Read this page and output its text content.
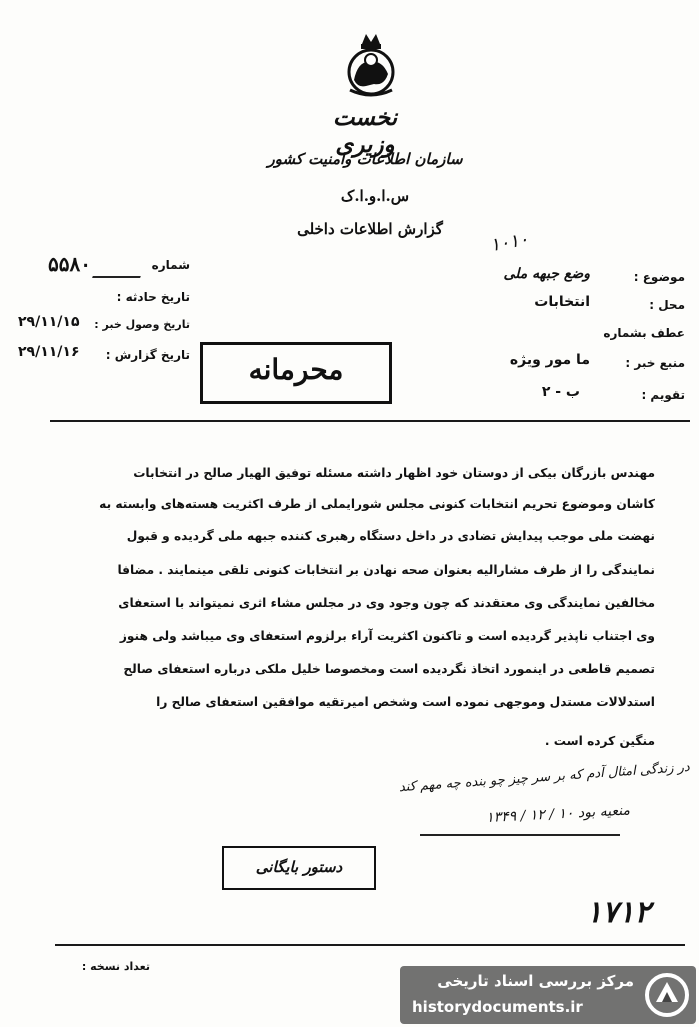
نخست وزیری
سازمان اطلاعات وامنیت کشور
س.ا.و.ا.ک
گزارش اطلاعات داخلی	۱۰۱۰
شماره
۵۵۸۰
تاریخ حادثه :
تاریخ وصول خبر :
۲۹/۱۱/۱۵
تاریخ گزارش :
۲۹/۱۱/۱۶
محرمانه
موضوع :
وضع جبهه ملی
محل :
انتخابات
عطف بشماره
منبع خبر :
ما مور ویژه
تقویم :
ب - ۲
مهندس بازرگان بیکی از دوستان خود اظهار داشته مسئله توفیق الهیار صالح در انتخابات
کاشان وموضوع تحریم انتخابات کنونی مجلس شورایملی از طرف اکثریت هسته‌های وابسته به
نهضت ملی موجب پیدایش تضادی در داخل دستگاه رهبری کننده جبهه ملی گردیده و قبول
نمایندگی را از طرف مشارالیه بعنوان صحه نهادن بر انتخابات کنونی تلقی مینمایند . مضافا
مخالفین نمایندگی وی معتقدند که چون وجود وی در مجلس مشاء اثری نمیتواند با استعفای
وی اجتناب ناپذیر گردیده است و تاکنون اکثریت آراء برلزوم استعفای وی میباشد ولی هنوز
تصمیم قاطعی در اینمورد اتخاذ نگردیده است ومخصوصا خلیل ملکی درباره استعفای صالح
استدلالات مستدل وموجهی نموده است وشخص امیرتقیه موافقین استعفای صالح را
منگین کرده است .
در زندگی امثال آدم که بر سر چیز چو بنده چه مهم کند
منعیه بود ۱۰ / ۱۲ / ۱۳۴۹
دستور بایگانی
۱۷۱۲
تعداد نسخه :
مرکز بررسی اسناد تاریخی
historydocuments.ir
